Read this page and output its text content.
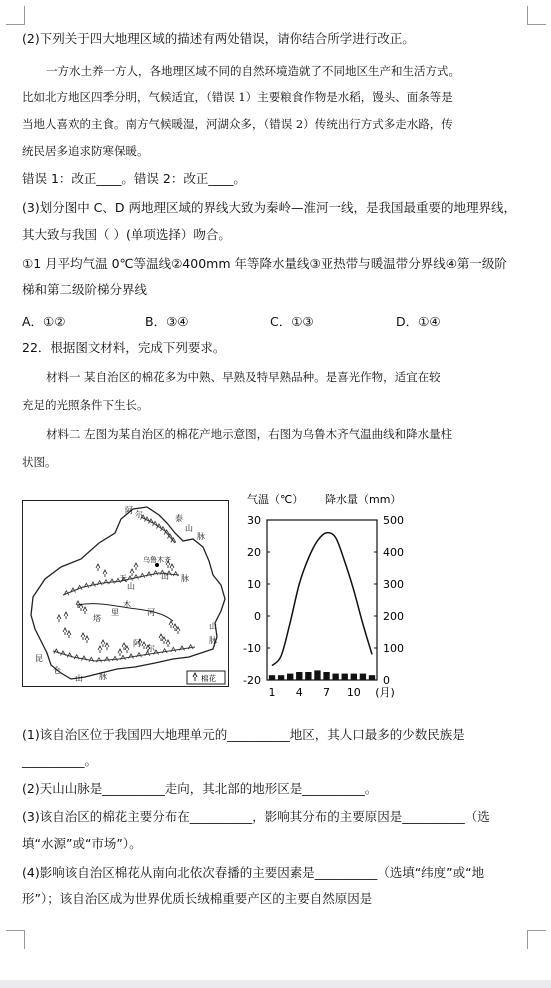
(2)下列关于四大地理区域的描述有两处错误，请你结合所学进行改正。
一方水土养一方人，各地理区域不同的自然环境造就了不同地区生产和生活方式。
比如北方地区四季分明，气候适宜，（错误 1）主要粮食作物是水稻，馒头、面条等是
当地人喜欢的主食。南方气候暖湿，河湖众多，（错误 2）传统出行方式多走水路，传
统民居多追求防寒保暖。
错误 1：改正____。错误 2：改正____。
(3)划分图中 C、D 两地理区域的界线大致为秦岭—淮河一线，是我国最重要的地理界线，
其大致与我国（ ）(单项选择）吻合。
①1 月平均气温 0℃等温线②400mm 年等降水量线③亚热带与暖温带分界线④第一级阶
梯和第二级阶梯分界线
A．①②	B．③④	C．①③	D．①④
22．根据图文材料，完成下列要求。
材料一 某自治区的棉花多为中熟、早熟及特早熟品种。是喜光作物，适宜在较
充足的光照条件下生长。
材料二 左图为某自治区的棉花产地示意图，右图为乌鲁木齐气温曲线和降水量柱
状图。
阿 尔	泰
山
脉
乌鲁木齐
天
山
山 脉
塔
里
木
河
阿
尔
山
脉
昆
仑
山 脉	棉花
气温（℃） 降水量（mm）
30
20
10
0
-10
-20
500
400
300
200
100
0
1 4 7 10 (月)
(1)该自治区位于我国四大地理单元的__________地区，其人口最多的少数民族是
__________。
(2)天山山脉是__________走向，其北部的地形区是__________。
(3)该自治区的棉花主要分布在__________，影响其分布的主要原因是__________（选
填“水源”或“市场”）。
(4)影响该自治区棉花从南向北依次春播的主要因素是__________（选填“纬度”或“地
形”）；该自治区成为世界优质长绒棉重要产区的主要自然原因是
